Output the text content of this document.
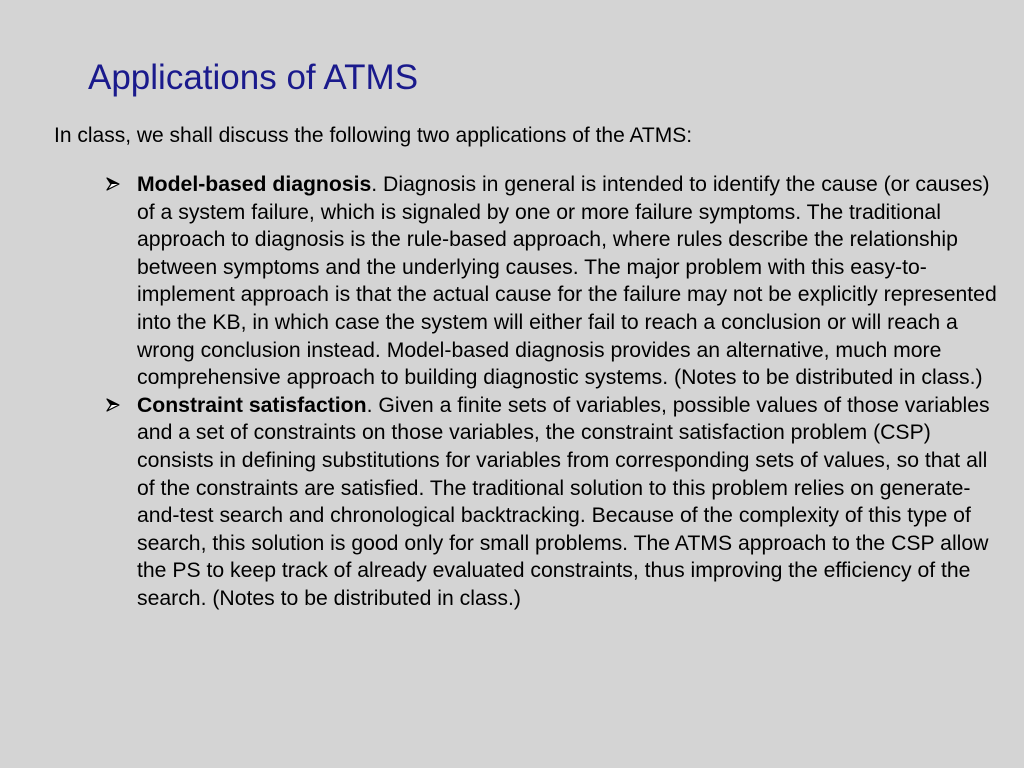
Applications of ATMS
In class, we shall discuss the following two applications of the ATMS:
Model-based diagnosis. Diagnosis in general is intended to identify the cause (or causes) of a system failure, which is signaled by one or more failure symptoms. The traditional approach to diagnosis is the rule-based approach, where rules describe the relationship between symptoms and the underlying causes. The major problem with this easy-to-implement approach is that the actual cause for the failure may not be explicitly represented into the KB, in which case the system will either fail to reach a conclusion or will reach a wrong conclusion instead. Model-based diagnosis provides an alternative, much more comprehensive approach to building diagnostic systems. (Notes to be distributed in class.)
Constraint satisfaction. Given a finite sets of variables, possible values of those variables and a set of constraints on those variables, the constraint satisfaction problem (CSP) consists in defining substitutions for variables from corresponding sets of values, so that all of the constraints are satisfied. The traditional solution to this problem relies on generate-and-test search and chronological backtracking. Because of the complexity of this type of search, this solution is good only for small problems. The ATMS approach to the CSP allow the PS to keep track of already evaluated constraints, thus improving the efficiency of the search. (Notes to be distributed in class.)
